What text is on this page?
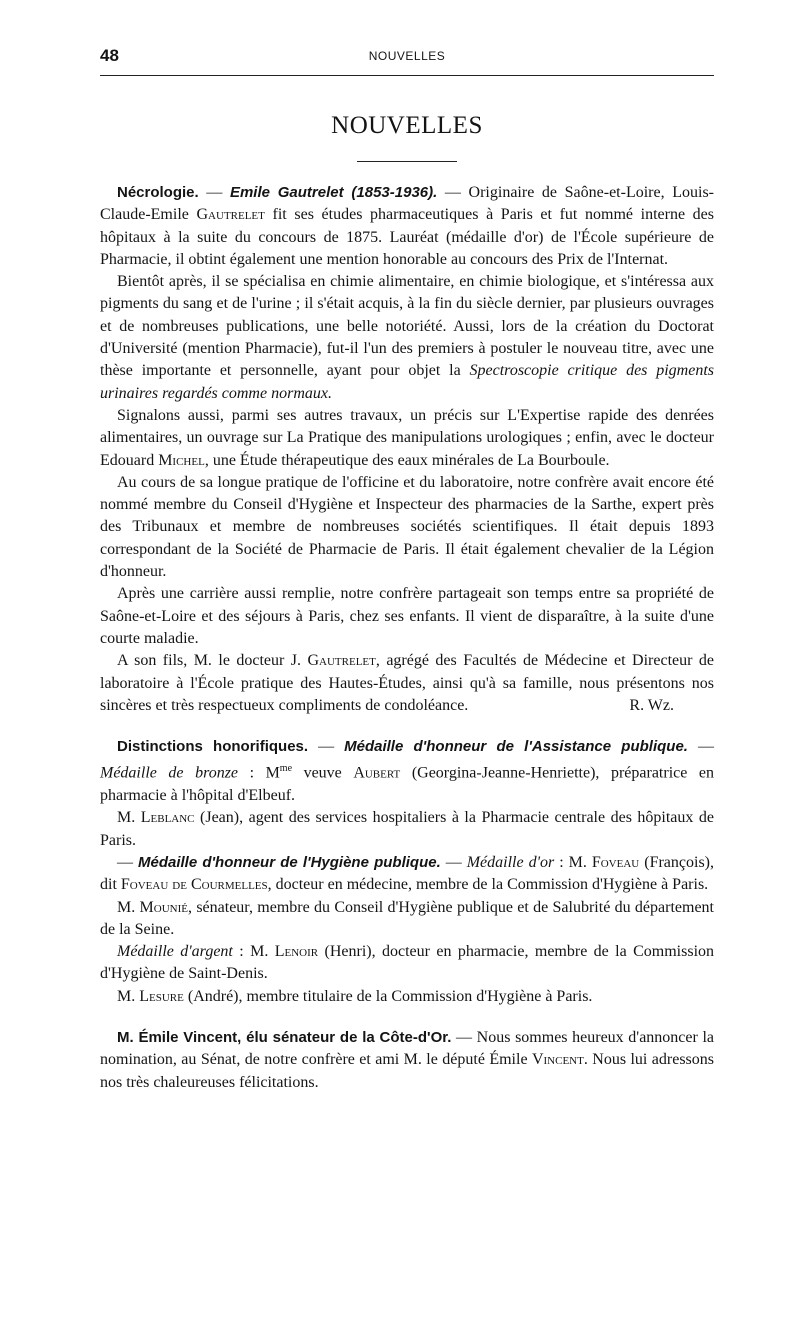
48	NOUVELLES
NOUVELLES

Nécrologie. — Emile Gautrelet (1853-1936). — Originaire de Saône-et-Loire, Louis-Claude-Emile Gautrelet fit ses études pharmaceutiques à Paris et fut nommé interne des hôpitaux à la suite du concours de 1875. Lauréat (médaille d'or) de l'École supérieure de Pharmacie, il obtint également une mention honorable au concours des Prix de l'Internat.

Bientôt après, il se spécialisa en chimie alimentaire, en chimie biologique, et s'intéressa aux pigments du sang et de l'urine ; il s'était acquis, à la fin du siècle dernier, par plusieurs ouvrages et de nombreuses publications, une belle notoriété. Aussi, lors de la création du Doctorat d'Université (mention Pharmacie), fut-il l'un des premiers à postuler le nouveau titre, avec une thèse importante et personnelle, ayant pour objet la Spectroscopie critique des pigments urinaires regardés comme normaux.

Signalons aussi, parmi ses autres travaux, un précis sur L'Expertise rapide des denrées alimentaires, un ouvrage sur La Pratique des manipulations urologiques ; enfin, avec le docteur Edouard Michel, une Étude thérapeutique des eaux minérales de La Bourboule.

Au cours de sa longue pratique de l'officine et du laboratoire, notre confrère avait encore été nommé membre du Conseil d'Hygiène et Inspecteur des pharmacies de la Sarthe, expert près des Tribunaux et membre de nombreuses sociétés scientifiques. Il était depuis 1893 correspondant de la Société de Pharmacie de Paris. Il était également chevalier de la Légion d'honneur.

Après une carrière aussi remplie, notre confrère partageait son temps entre sa propriété de Saône-et-Loire et des séjours à Paris, chez ses enfants. Il vient de disparaître, à la suite d'une courte maladie.

A son fils, M. le docteur J. Gautrelet, agrégé des Facultés de Médecine et Directeur de laboratoire à l'École pratique des Hautes-Études, ainsi qu'à sa famille, nous présentons nos sincères et très respectueux compliments de condoléance.	R. Wz.

Distinctions honorifiques. — Médaille d'honneur de l'Assistance publique. — Médaille de bronze : $M^{me}$ veuve Aubert (Georgina-Jeanne-Henriette), préparatrice en pharmacie à l'hôpital d'Elbeuf.

M. Leblanc (Jean), agent des services hospitaliers à la Pharmacie centrale des hôpitaux de Paris.

— Médaille d'honneur de l'Hygiène publique. — Médaille d'or : M. Foveau (François), dit Foveau de Courmelles, docteur en médecine, membre de la Commission d'Hygiène à Paris.

M. Mounié, sénateur, membre du Conseil d'Hygiène publique et de Salubrité du département de la Seine.

Médaille d'argent : M. Lenoir (Henri), docteur en pharmacie, membre de la Commission d'Hygiène de Saint-Denis.

M. Lesure (André), membre titulaire de la Commission d'Hygiène à Paris.

M. Émile Vincent, élu sénateur de la Côte-d'Or. — Nous sommes heureux d'annoncer la nomination, au Sénat, de notre confrère et ami M. le député Émile Vincent. Nous lui adressons nos très chaleureuses félicitations.
